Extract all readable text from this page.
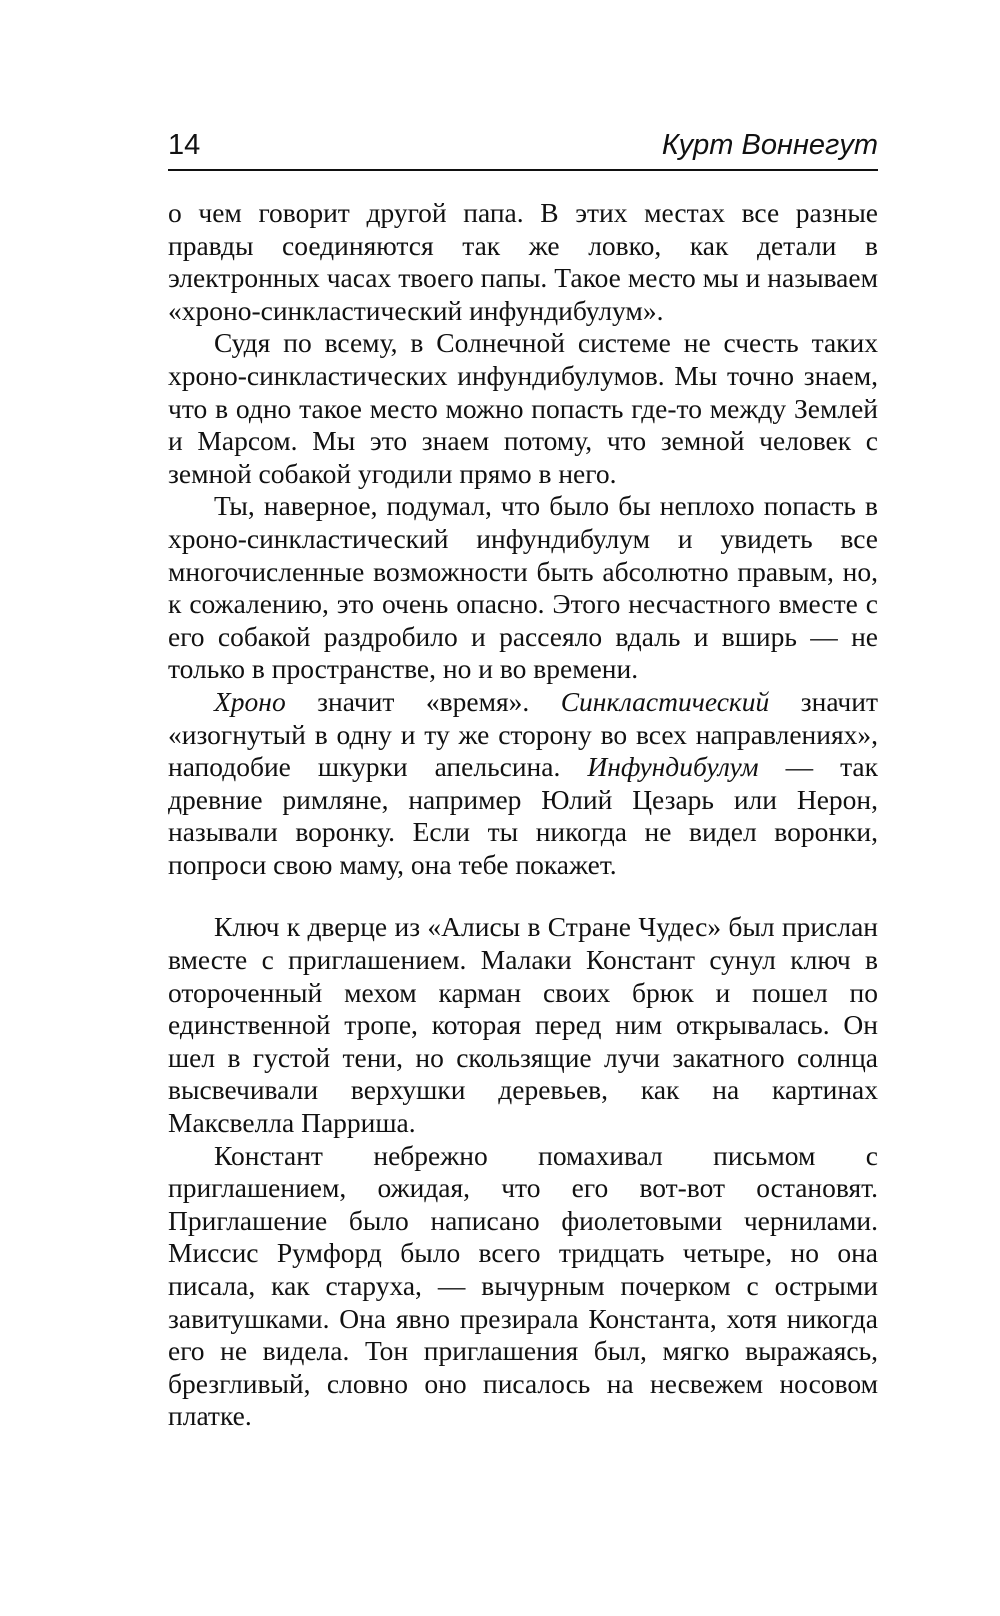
14	Курт Воннегут

о чем говорит другой папа. В этих местах все разные правды соединяются так же ловко, как детали в электронных часах твоего папы. Такое место мы и называем «хроно-синкластический инфундибулум».

Судя по всему, в Солнечной системе не счесть таких хроно-синкластических инфундибулумов. Мы точно знаем, что в одно такое место можно попасть где-то между Землей и Марсом. Мы это знаем потому, что земной человек с земной собакой угодили прямо в него.

Ты, наверное, подумал, что было бы неплохо попасть в хроно-синкластический инфундибулум и увидеть все многочисленные возможности быть абсолютно правым, но, к сожалению, это очень опасно. Этого несчастного вместе с его собакой раздробило и рассеяло вдаль и вширь — не только в пространстве, но и во времени.

Хроно значит «время». Синкластический значит «изогнутый в одну и ту же сторону во всех направлениях», наподобие шкурки апельсина. Инфундибулум — так древние римляне, например Юлий Цезарь или Нерон, называли воронку. Если ты никогда не видел воронки, попроси свою маму, она тебе покажет.

Ключ к дверце из «Алисы в Стране Чудес» был прислан вместе с приглашением. Малаки Констант сунул ключ в отороченный мехом карман своих брюк и пошел по единственной тропе, которая перед ним открывалась. Он шел в густой тени, но скользящие лучи закатного солнца высвечивали верхушки деревьев, как на картинах Максвелла Парриша.

Констант небрежно помахивал письмом с приглашением, ожидая, что его вот-вот остановят. Приглашение было написано фиолетовыми чернилами. Миссис Румфорд было всего тридцать четыре, но она писала, как старуха, — вычурным почерком с острыми завитушками. Она явно презирала Константа, хотя никогда его не видела. Тон приглашения был, мягко выражаясь, брезгливый, словно оно писалось на несвежем носовом платке.
